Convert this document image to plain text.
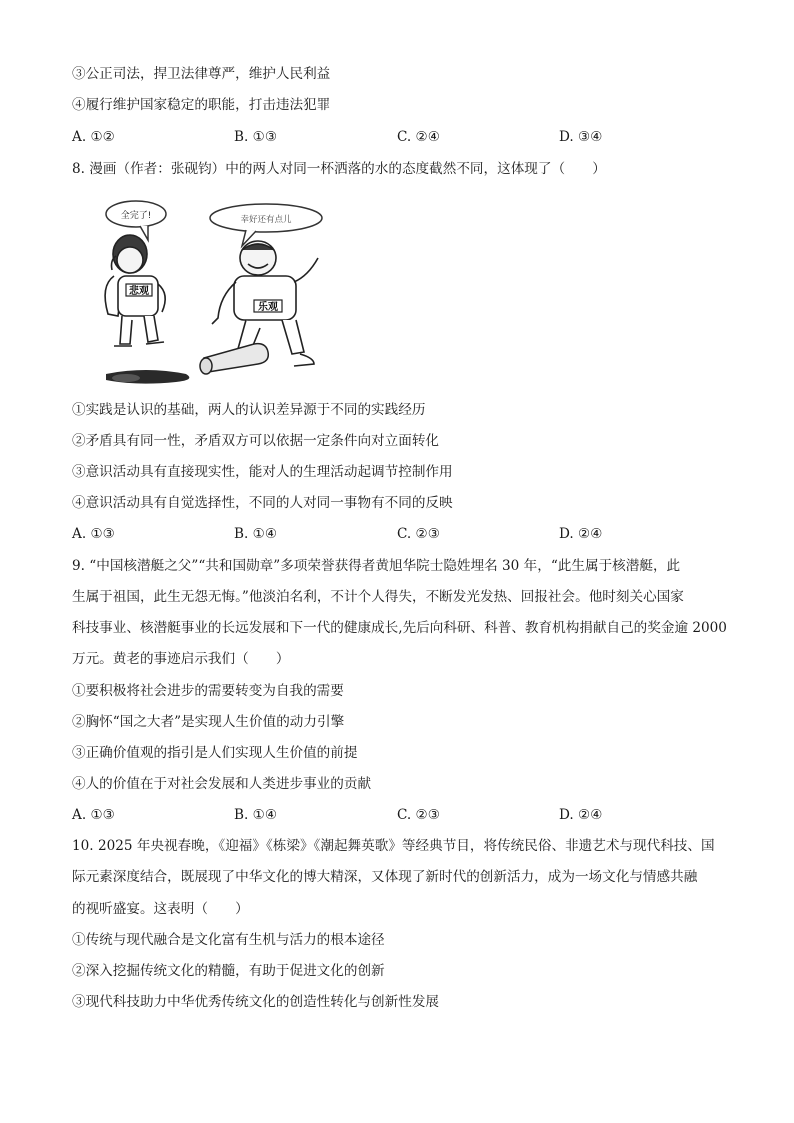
③公正司法，捍卫法律尊严，维护人民利益
④履行维护国家稳定的职能，打击违法犯罪
A. ①②	B. ①③	C. ②④	D. ③④
8. 漫画（作者：张砚钧）中的两人对同一杯洒落的水的态度截然不同，这体现了（　　）
全完了!	幸好还有点儿
悲观
乐观
①实践是认识的基础，两人的认识差异源于不同的实践经历
②矛盾具有同一性，矛盾双方可以依据一定条件向对立面转化
③意识活动具有直接现实性，能对人的生理活动起调节控制作用
④意识活动具有自觉选择性，不同的人对同一事物有不同的反映
A. ①③	B. ①④	C. ②③	D. ②④
9. “中国核潜艇之父”“共和国勋章”多项荣誉获得者黄旭华院士隐姓埋名 30 年，“此生属于核潜艇，此
生属于祖国，此生无怨无悔。”他淡泊名利，不计个人得失，不断发光发热、回报社会。他时刻关心国家
科技事业、核潜艇事业的长远发展和下一代的健康成长,先后向科研、科普、教育机构捐献自己的奖金逾 2000
万元。黄老的事迹启示我们（　　）
①要积极将社会进步的需要转变为自我的需要
②胸怀“国之大者”是实现人生价值的动力引擎
③正确价值观的指引是人们实现人生价值的前提
④人的价值在于对社会发展和人类进步事业的贡献
A. ①③	B. ①④	C. ②③	D. ②④
10. 2025 年央视春晚，《迎福》《栋梁》《潮起舞英歌》等经典节目，将传统民俗、非遗艺术与现代科技、国
际元素深度结合，既展现了中华文化的博大精深，又体现了新时代的创新活力，成为一场文化与情感共融
的视听盛宴。这表明（　　）
①传统与现代融合是文化富有生机与活力的根本途径
②深入挖掘传统文化的精髓，有助于促进文化的创新
③现代科技助力中华优秀传统文化的创造性转化与创新性发展
